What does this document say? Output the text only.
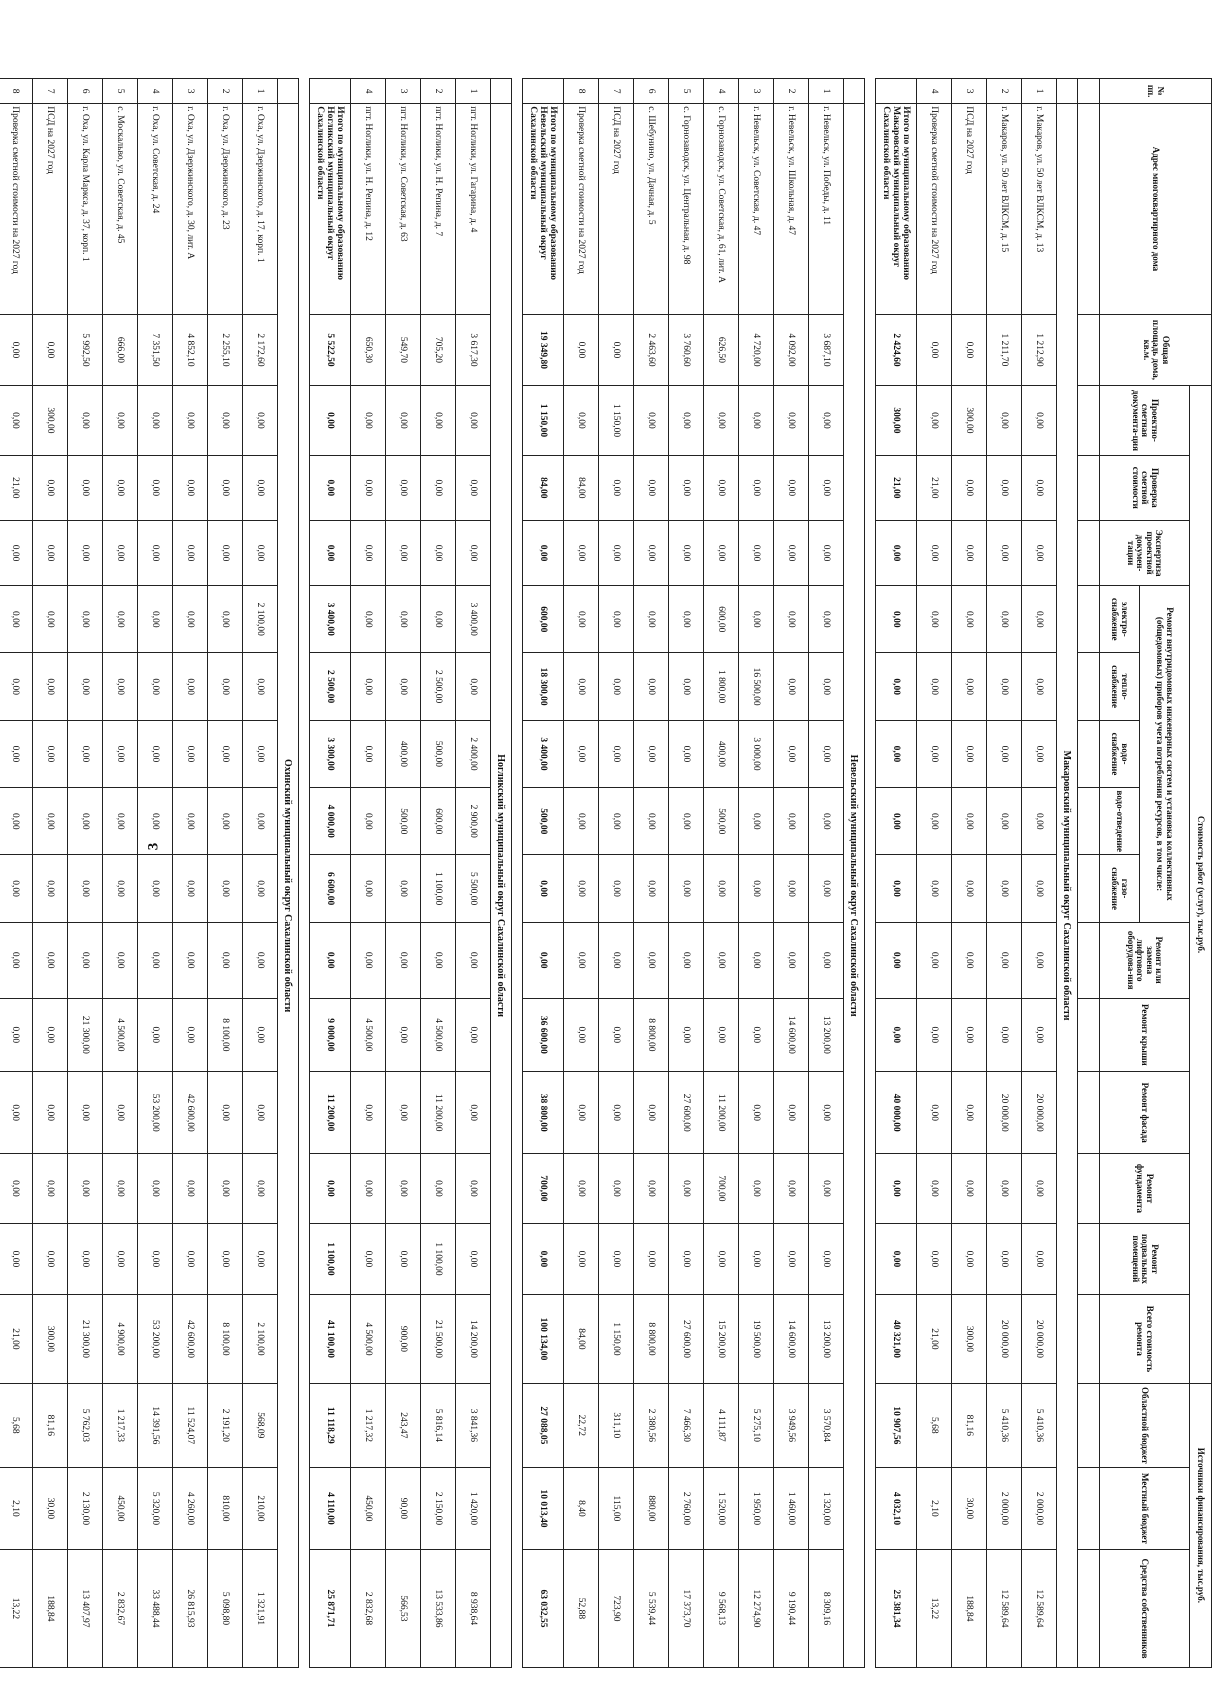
3
№ пп.	Адрес многоквартирного дома	Общая площадь дома, кв.м.	Стоимость работ (услуг), тыс.руб.														Источники финансирования, тыс.руб.		
			Проектно-сметная документа-ция	Проверка сметной стоимости	Экспертиза проектной докумен-тации	Ремонт внутридомовых инженерных систем и установка коллективных (общедомовых) приборов учета потребления ресурсов, в том числе:					Ремонт или замена лифтового оборудова-ния	Ремонт крыши	Ремонт фасада	Ремонт фундамента	Ремонт подвальных помещений	Всего стоимость ремонта	Областной бюджет	Местный бюджет	Средства собственников
						электро-снабжение	тепло-снабжение	водо-снабжение	водо-отведение	газо-снабжение									

	Макаровский муниципальный округ Сахалинской области																		
1	г. Макаров, ул. 50 лет ВЛКСМ, д. 13	1 212,90	0,00	0,00	0,00	0,00	0,00	0,00	0,00	0,00	0,00	0,00	20 000,00	0,00	0,00	20 000,00	5 410,36	2 000,00	12 589,64
2	г. Макаров, ул. 50 лет ВЛКСМ, д. 15	1 211,70	0,00	0,00	0,00	0,00	0,00	0,00	0,00	0,00	0,00	0,00	20 000,00	0,00	0,00	20 000,00	5 410,36	2 000,00	12 589,64
3	ПСД на 2027 год	0,00	300,00	0,00	0,00	0,00	0,00	0,00	0,00	0,00	0,00	0,00	0,00	0,00	0,00	300,00	81,16	30,00	188,84
4	Проверка сметной стоимости на 2027 год	0,00	0,00	21,00	0,00	0,00	0,00	0,00	0,00	0,00	0,00	0,00	0,00	0,00	0,00	21,00	5,68	2,10	13,22
	Итого по муниципальному образованию Макаровский муниципальный округ Сахалинской области	2 424,60	300,00	21,00	0,00	0,00	0,00	0,00	0,00	0,00	0,00	0,00	40 000,00	0,00	0,00	40 321,00	10 907,56	4 032,10	25 381,34

	Невельский муниципальный округ Сахалинской области																		
1	г. Невельск, ул. Победы, д. 11	3 687,10	0,00	0,00	0,00	0,00	0,00	0,00	0,00	0,00	0,00	13 200,00	0,00	0,00	0,00	13 200,00	3 570,84	1 320,00	8 309,16
2	г. Невельск, ул. Школьная, д. 47	4 092,00	0,00	0,00	0,00	0,00	0,00	0,00	0,00	0,00	0,00	14 600,00	0,00	0,00	0,00	14 600,00	3 949,56	1 460,00	9 190,44
3	г. Невельск, ул. Советская, д. 47	4 720,00	0,00	0,00	0,00	0,00	16 500,00	3 000,00	0,00	0,00	0,00	0,00	0,00	0,00	0,00	19 500,00	5 275,10	1 950,00	12 274,90
4	с. Горнозаводск, ул. Советская, д. 61, лит. А	626,50	0,00	0,00	0,00	600,00	1 800,00	400,00	500,00	0,00	0,00	0,00	11 200,00	700,00	0,00	15 200,00	4 111,87	1 520,00	9 568,13
5	с. Горнозаводск, ул. Центральная, д. 98	3 760,60	0,00	0,00	0,00	0,00	0,00	0,00	0,00	0,00	0,00	0,00	27 600,00	0,00	0,00	27 600,00	7 466,30	2 760,00	17 373,70
6	с. Шебунино, ул. Дачная, д. 5	2 463,60	0,00	0,00	0,00	0,00	0,00	0,00	0,00	0,00	0,00	8 800,00	0,00	0,00	0,00	8 800,00	2 380,56	880,00	5 539,44
7	ПСД на 2027 год	0,00	1 150,00	0,00	0,00	0,00	0,00	0,00	0,00	0,00	0,00	0,00	0,00	0,00	0,00	1 150,00	311,10	115,00	723,90
8	Проверка сметной стоимости на 2027 год	0,00	0,00	84,00	0,00	0,00	0,00	0,00	0,00	0,00	0,00	0,00	0,00	0,00	0,00	84,00	22,72	8,40	52,88
	Итого по муниципальному образованию Невельский муниципальный округ Сахалинской области	19 349,80	1 150,00	84,00	0,00	600,00	18 300,00	3 400,00	500,00	0,00	0,00	36 600,00	38 800,00	700,00	0,00	100 134,00	27 088,05	10 013,40	63 032,55

	Ногликский муниципальный округ Сахалинской области																		
1	пгт. Ноглики, ул. Гагарина, д. 4	3 617,30	0,00	0,00	0,00	3 400,00	0,00	2 400,00	2 900,00	5 500,00	0,00	0,00	0,00	0,00	0,00	14 200,00	3 841,36	1 420,00	8 938,64
2	пгт. Ноглики, ул. Н. Репина, д. 7	705,20	0,00	0,00	0,00	0,00	2 500,00	500,00	600,00	1 100,00	0,00	4 500,00	11 200,00	0,00	1 100,00	21 500,00	5 816,14	2 150,00	13 533,86
3	пгт. Ноглики, ул. Советская, д. 63	549,70	0,00	0,00	0,00	0,00	0,00	400,00	500,00	0,00	0,00	0,00	0,00	0,00	0,00	900,00	243,47	90,00	566,53
4	пгт. Ноглики, ул. Н. Репина, д. 12	650,30	0,00	0,00	0,00	0,00	0,00	0,00	0,00	0,00	0,00	4 500,00	0,00	0,00	0,00	4 500,00	1 217,32	450,00	2 832,68
	Итого по муниципальному образованию Ногликский муниципальный округ Сахалинской области	5 522,50	0,00	0,00	0,00	3 400,00	2 500,00	3 300,00	4 000,00	6 600,00	0,00	9 000,00	11 200,00	0,00	1 100,00	41 100,00	11 118,29	4 110,00	25 871,71

	Охинский муниципальный округ Сахалинской области																		
1	г. Оха, ул. Дзержинского, д. 17, корп. 1	2 172,60	0,00	0,00	0,00	2 100,00	0,00	0,00	0,00	0,00	0,00	0,00	0,00	0,00	0,00	2 100,00	568,09	210,00	1 321,91
2	г. Оха, ул. Дзержинского, д. 23	2 255,10	0,00	0,00	0,00	0,00	0,00	0,00	0,00	0,00	0,00	8 100,00	0,00	0,00	0,00	8 100,00	2 191,20	810,00	5 098,80
3	г. Оха, ул. Дзержинского, д. 30, лит. А	4 852,10	0,00	0,00	0,00	0,00	0,00	0,00	0,00	0,00	0,00	0,00	42 600,00	0,00	0,00	42 600,00	11 524,07	4 260,00	26 815,93
4	г. Оха, ул. Советская, д. 24	7 351,50	0,00	0,00	0,00	0,00	0,00	0,00	0,00	0,00	0,00	0,00	53 200,00	0,00	0,00	53 200,00	14 391,56	5 320,00	33 488,44
5	с. Москальво, ул. Советская, д. 45	666,00	0,00	0,00	0,00	0,00	0,00	0,00	0,00	0,00	0,00	4 500,00	0,00	0,00	0,00	4 900,00	1 217,33	450,00	2 832,67
6	г. Оха, ул. Карла Маркса, д. 37, корп. 1	5 992,50	0,00	0,00	0,00	0,00	0,00	0,00	0,00	0,00	0,00	21 300,00	0,00	0,00	0,00	21 300,00	5 762,03	2 130,00	13 407,97
7	ПСД на 2027 год	0,00	300,00	0,00	0,00	0,00	0,00	0,00	0,00	0,00	0,00	0,00	0,00	0,00	0,00	300,00	81,16	30,00	188,84
8	Проверка сметной стоимости на 2027 год	0,00	0,00	21,00	0,00	0,00	0,00	0,00	0,00	0,00	0,00	0,00	0,00	0,00	0,00	21,00	5,68	2,10	13,22
